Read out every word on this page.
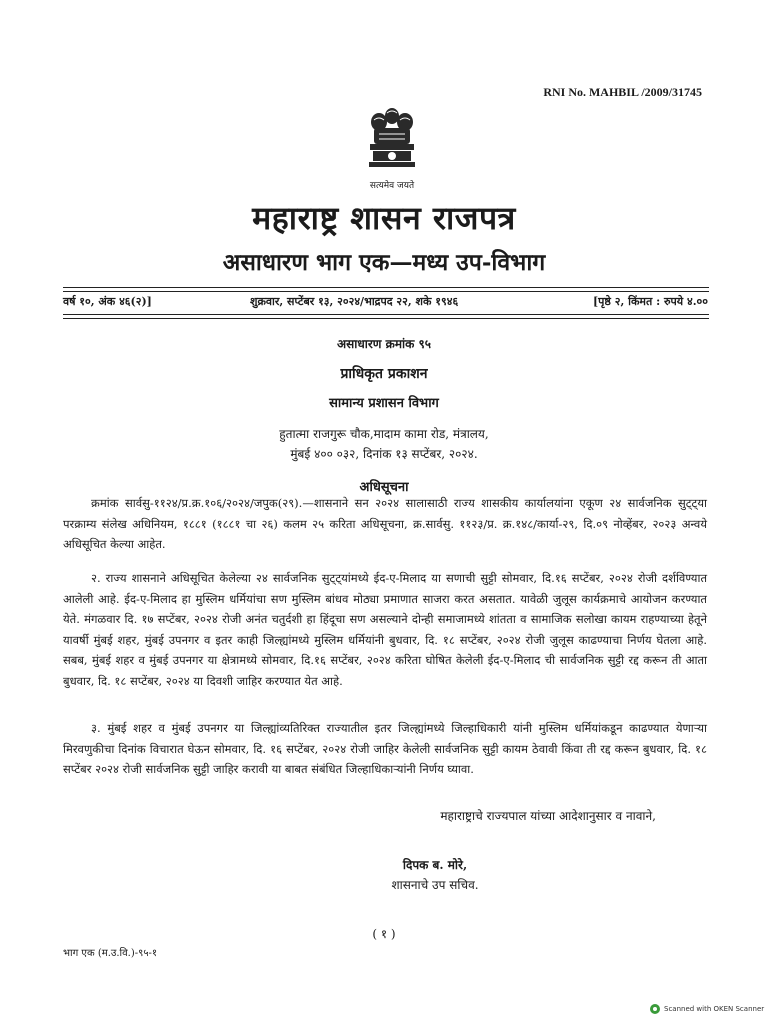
RNI No. MAHBIL /2009/31745
सत्यमेव जयते
महाराष्ट्र शासन राजपत्र
असाधारण भाग एक—मध्य उप-विभाग
वर्ष १०, अंक ४६(२)]	शुक्रवार, सप्टेंबर १३, २०२४/भाद्रपद २२, शके १९४६	[पृष्ठे २, किंमत : रुपये ४.००
असाधारण क्रमांक ९५
प्राधिकृत प्रकाशन
सामान्य प्रशासन विभाग
हुतात्मा राजगुरू चौक,मादाम कामा रोड, मंत्रालय,
मुंबई ४०० ०३२, दिनांक १३ सप्टेंबर, २०२४.
अधिसूचना

क्रमांक सार्वसु-११२४/प्र.क्र.१०६/२०२४/जपुक(२९).—शासनाने सन २०२४ सालासाठी राज्य शासकीय कार्यालयांना एकूण २४ सार्वजनिक सुट्ट्या परक्राम्य संलेख अधिनियम, १८८१ (१८८१ चा २६) कलम २५ करिता अधिसूचना, क्र.सार्वसु. ११२३/प्र. क्र.१४८/कार्या-२९, दि.०९ नोव्हेंबर, २०२३ अन्वये अधिसूचित केल्या आहेत.

२. राज्य शासनाने अधिसूचित केलेल्या २४ सार्वजनिक सुट्ट्यांमध्ये ईद-ए-मिलाद या सणाची सुट्टी सोमवार, दि.१६ सप्टेंबर, २०२४ रोजी दर्शविण्यात आलेली आहे. ईद-ए-मिलाद हा मुस्लिम धर्मियांचा सण मुस्लिम बांधव मोठ्या प्रमाणात साजरा करत असतात. यावेळी जुलूस कार्यक्रमाचे आयोजन करण्यात येते. मंगळवार दि. १७ सप्टेंबर, २०२४ रोजी अनंत चतुर्दशी हा हिंदूचा सण असल्याने दोन्ही समाजामध्ये शांतता व सामाजिक सलोखा कायम राहण्याच्या हेतूने यावर्षी मुंबई शहर, मुंबई उपनगर व इतर काही जिल्ह्यांमध्ये मुस्लिम धर्मियांनी बुधवार, दि. १८ सप्टेंबर, २०२४ रोजी जुलूस काढण्याचा निर्णय घेतला आहे. सबब, मुंबई शहर व मुंबई उपनगर या क्षेत्रामध्ये सोमवार, दि.१६ सप्टेंबर, २०२४ करिता घोषित केलेली ईद-ए-मिलाद ची सार्वजनिक सुट्टी रद्द करून ती आता बुधवार, दि. १८ सप्टेंबर, २०२४ या दिवशी जाहिर करण्यात येत आहे.

३. मुंबई शहर व मुंबई उपनगर या जिल्ह्यांव्यतिरिक्त राज्यातील इतर जिल्ह्यांमध्ये जिल्हाधिकारी यांनी मुस्लिम धर्मियांकडून काढण्यात येणाऱ्या मिरवणुकीचा दिनांक विचारात घेऊन सोमवार, दि. १६ सप्टेंबर, २०२४ रोजी जाहिर केलेली सार्वजनिक सुट्टी कायम ठेवावी किंवा ती रद्द करून बुधवार, दि. १८ सप्टेंबर २०२४ रोजी सार्वजनिक सुट्टी जाहिर करावी या बाबत संबंधित जिल्हाधिकाऱ्यांनी निर्णय घ्यावा.

महाराष्ट्राचे राज्यपाल यांच्या आदेशानुसार व नावाने,
दिपक ब. मोरे,
शासनाचे उप सचिव.
( १ )
भाग एक (म.उ.वि.)-९५-१
Scanned with OKEN Scanner
